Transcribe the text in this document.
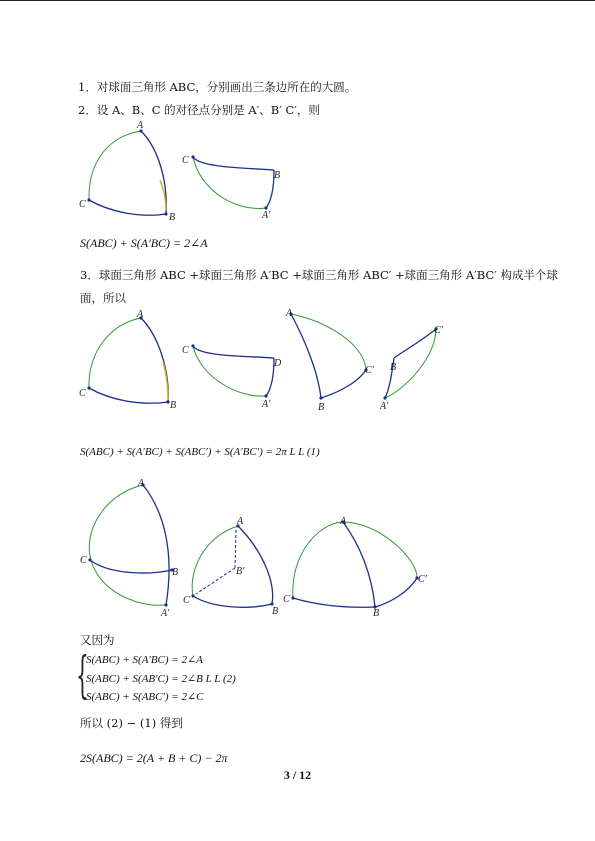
1．对球面三角形 ABC，分别画出三条边所在的大圆。
2．设 A、B、C 的对径点分别是 A′、B′ C′，则
A
C
B
C
B
A′
A
C
B
C
D
A′
A
C′
B
C′
B
A′
A
C
B
A′
A
B′
C
B
A
C
B
C′
S(ABC) + S(A′BC) = 2∠A
3．球面三角形 ABC +球面三角形 A′BC +球面三角形 ABC′ +球面三角形 A′BC′ 构成半个球
面，所以
S(ABC) + S(A′BC) + S(ABC′) + S(A′BC′) = 2π L L (1)
又因为
{
S(ABC) + S(A′BC) = 2∠A
S(ABC) + S(AB′C) = 2∠B L L (2)
S(ABC) + S(ABC′) = 2∠C
所以 (2) − (1) 得到
2S(ABC) = 2(A + B + C) − 2π
3 / 12
